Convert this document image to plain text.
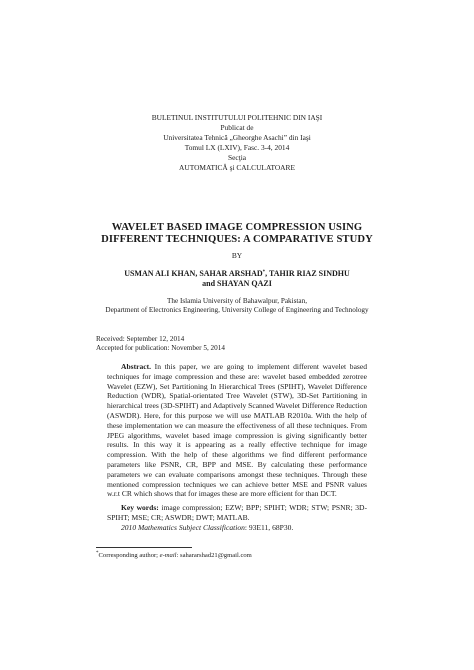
BULETINUL INSTITUTULUI POLITEHNIC DIN IAŞI
Publicat de
Universitatea Tehnică „Gheorghe Asachi” din Iaşi
Tomul LX (LXIV), Fasc. 3-4, 2014
Secţia
AUTOMATICĂ şi CALCULATOARE
WAVELET BASED IMAGE COMPRESSION USING
DIFFERENT TECHNIQUES: A COMPARATIVE STUDY
BY
USMAN ALI KHAN, SAHAR ARSHAD*, TAHIR RIAZ SINDHU
and SHAYAN QAZI
The Islamia University of Bahawalpur, Pakistan,
Department of Electronics Engineering, University College of Engineering and Technology
Received: September 12, 2014
Accepted for publication: November 5, 2014

Abstract. In this paper, we are going to implement different wavelet based techniques for image compression and these are: wavelet based embedded zerotree Wavelet (EZW), Set Partitioning In Hierarchical Trees (SPIHT), Wavelet Difference Reduction (WDR), Spatial-orientated Tree Wavelet (STW), 3D-Set Partitioning in hierarchical trees (3D-SPIHT) and Adaptively Scanned Wavelet Difference Reduction (ASWDR). Here, for this purpose we will use MATLAB R2010a. With the help of these implementation we can measure the effectiveness of all these techniques. From JPEG algorithms, wavelet based image compression is giving significantly better results. In this way it is appearing as a really effective technique for image compression. With the help of these algorithms we find different performance parameters like PSNR, CR, BPP and MSE. By calculating these performance parameters we can evaluate comparisons amongst these techniques. Through these mentioned compression techniques we can achieve better MSE and PSNR values w.r.t CR which shows that for images these are more efficient for than DCT.

Key words: image compression; EZW; BPP; SPIHT; WDR; STW; PSNR; 3D-SPIHT; MSE; CR; ASWDR; DWT; MATLAB.

2010 Mathematics Subject Classification: 93E11, 68P30.
*Corresponding author; e-mail: sahararshad21@gmail.com
